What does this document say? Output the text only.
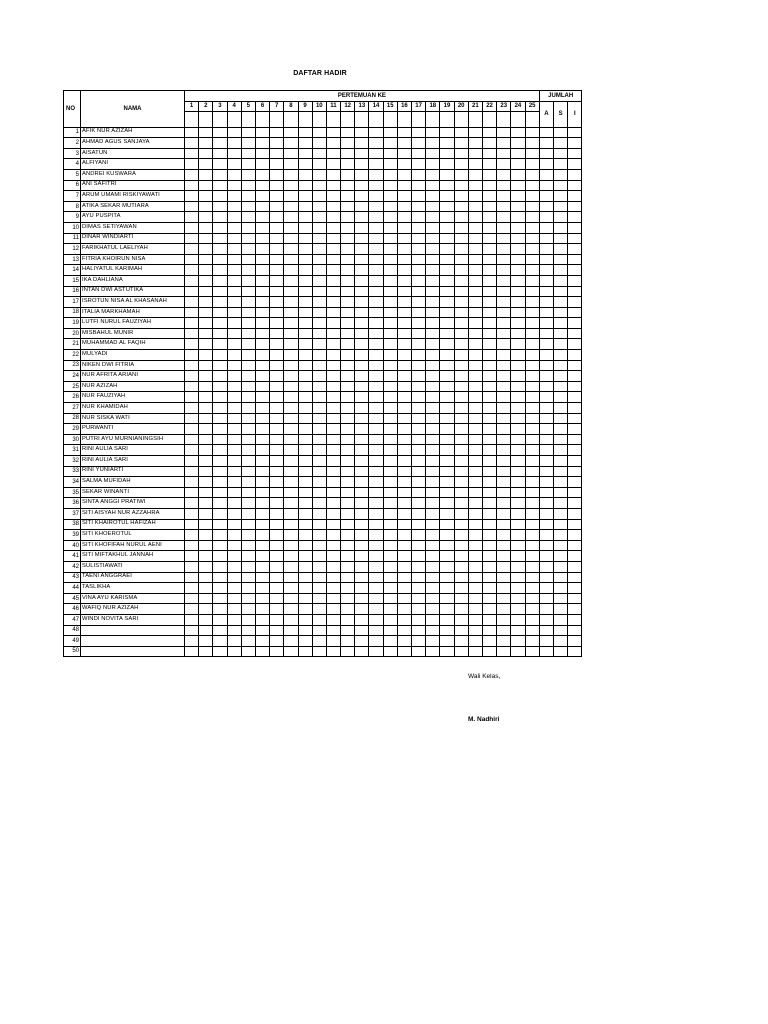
DAFTAR HADIR
NO	NAMA	PERTEMUAN KE																									JUMLAH		
		1	2	3	4	5	6	7	8	9	10	11	12	13	14	15	16	17	18	19	20	21	22	23	24	25	A	S	I

1	AFIK NUR AZIZAH																												
2	AHMAD AGUS SANJAYA																												
3	AISATUN																												
4	ALFIYANI																												
5	ANDREI KUSWARA																												
6	ANI SAFITRI																												
7	ARUM UMAMI RISKIYAWATI																												
8	ATIKA SEKAR MUTIARA																												
9	AYU PUSPITA																												
10	DIMAS SETIYAWAN																												
11	DINAR WINDIARTI																												
12	FARIKHATUL LAELIYAH																												
13	FITRIA KHOIRUN NISA																												
14	HALIYATUL KARIMAH																												
15	IKA DAHLIANA																												
16	INTAN DWI ASTUTIKA																												
17	ISROTUN NISA AL KHASANAH																												
18	ITALIA MARKHAMAH																												
19	LUTFI NURUL FAUZIYAH																												
20	MISBAHUL MUNIR																												
21	MUHAMMAD AL FAQIH																												
22	MULYADI																												
23	NIKEN DWI FITRIA																												
24	NUR AFRITA ARIANI																												
25	NUR AZIZAH																												
26	NUR FAUZIYAH																												
27	NUR KHAMIDAH																												
28	NUR SISKA WATI																												
29	PURWANTI																												
30	PUTRI AYU MURNIANINGSIH																												
31	RINI AULIA SARI																												
32	RINI AULIA SARI																												
33	RINI YUNIARTI																												
34	SALMA MUFIDAH																												
35	SEKAR WINANTI																												
36	SINTA ANGGI PRATIWI																												
37	SITI AISYAH NUR AZZAHRA																												
38	SITI KHAIROTUL HAFIZAH																												
39	SITI KHOEROTUL																												
40	SITI KHOFIFAH NURUL AENI																												
41	SITI MIFTAKHUL JANNAH																												
42	SULISTIAWATI																												
43	TAENI ANGGRAEI																												
44	TASLIKHA																												
45	VINA AYU KARISMA																												
46	WAFIQ NUR AZIZAH																												
47	WINDI NOVITA SARI																												
48																													
49																													
50																													
Wali Kelas,
M. Nadhiri
